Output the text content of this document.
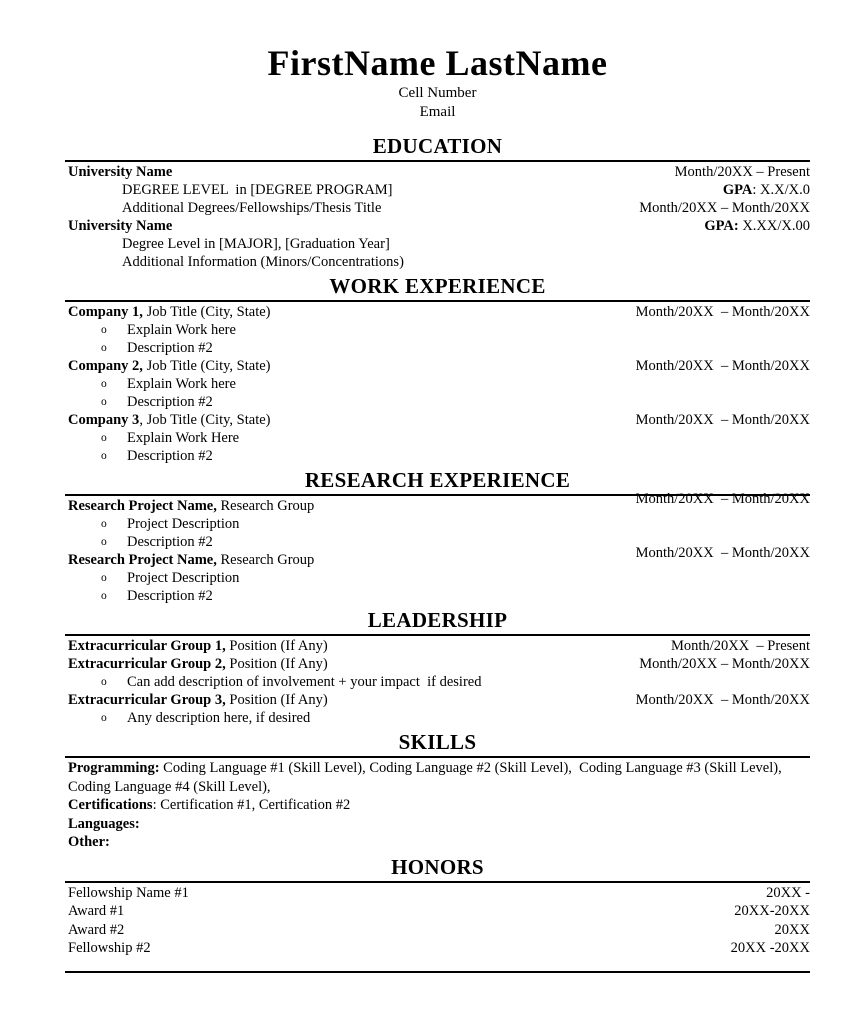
FirstName LastName
Cell Number
Email
EDUCATION
University Name	Month/20XX – Present
DEGREE LEVEL  in [DEGREE PROGRAM]	GPA: X.X/X.0
Additional Degrees/Fellowships/Thesis Title	Month/20XX – Month/20XX
University Name	GPA: X.XX/X.00
Degree Level in [MAJOR], [Graduation Year]
Additional Information (Minors/Concentrations)
WORK EXPERIENCE
Company 1, Job Title (City, State)	Month/20XX  – Month/20XX
o	Explain Work here
o	Description #2
Company 2, Job Title (City, State)	Month/20XX  – Month/20XX
o	Explain Work here
o	Description #2
Company 3, Job Title (City, State)	Month/20XX  – Month/20XX
o	Explain Work Here
o	Description #2
RESEARCH EXPERIENCE
Research Project Name, Research Group	Month/20XX  – Month/20XX
o	Project Description
o	Description #2
Research Project Name, Research Group	Month/20XX  – Month/20XX
o	Project Description
o	Description #2
LEADERSHIP
Extracurricular Group 1, Position (If Any)	Month/20XX  – Present
Extracurricular Group 2, Position (If Any)	Month/20XX – Month/20XX
o	Can add description of involvement + your impact  if desired
Extracurricular Group 3, Position (If Any)	Month/20XX  – Month/20XX
o	Any description here, if desired
SKILLS
Programming: Coding Language #1 (Skill Level), Coding Language #2 (Skill Level),  Coding Language #3 (Skill Level),
Coding Language #4 (Skill Level),
Certifications: Certification #1, Certification #2
Languages:
Other:
HONORS
Fellowship Name #1	20XX -
Award #1	20XX-20XX
Award #2	20XX
Fellowship #2	20XX -20XX
